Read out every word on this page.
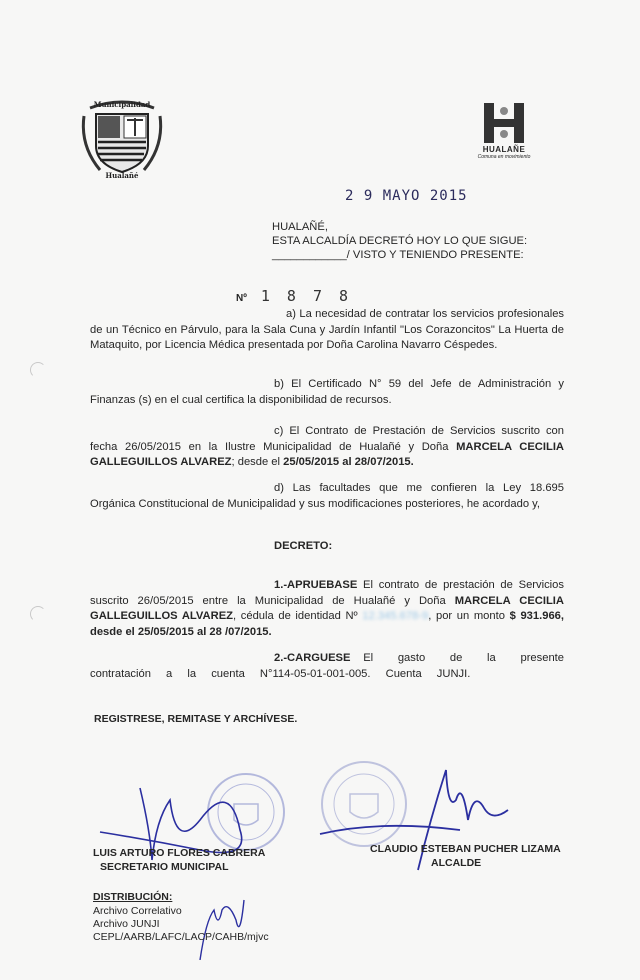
Municipalidad
Hualañé
HUALAÑE
Comuna en movimiento
2 9 MAYO 2015
HUALAÑÉ,
ESTA ALCALDÍA DECRETÓ HOY LO QUE SIGUE:
____________/ VISTO Y TENIENDO PRESENTE:
Nº 1 8 7 8
a) La necesidad de contratar los servicios profesionales de un Técnico en Párvulo, para la Sala Cuna y Jardín Infantil "Los Corazoncitos" La Huerta de Mataquito, por Licencia Médica presentada por Doña Carolina Navarro Céspedes.
b) El Certificado N° 59 del Jefe de Administración y Finanzas (s) en el cual certifica la disponibilidad de recursos.
c) El Contrato de Prestación de Servicios suscrito con fecha 26/05/2015 en la Ilustre Municipalidad de Hualañé y Doña MARCELA CECILIA GALLEGUILLOS ALVAREZ; desde el 25/05/2015 al 28/07/2015.
d) Las facultades que me confieren la Ley 18.695 Orgánica Constitucional de Municipalidad y sus modificaciones posteriores, he acordado y,
DECRETO:
1.-APRUEBASE El contrato de prestación de Servicios suscrito 26/05/2015 entre la Municipalidad de Hualañé y Doña MARCELA CECILIA GALLEGUILLOS ALVAREZ, cédula de identidad Nº 12.345.678-9, por un monto $ 931.966, desde el 25/05/2015 al 28 /07/2015.
2.-CARGUESE El gasto de la presente contratación a la cuenta N°114-05-01-001-005. Cuenta JUNJI.
REGISTRESE, REMITASE Y ARCHÍVESE.
LUIS ARTURO FLORES CABRERA
SECRETARIO MUNICIPAL
CLAUDIO ESTEBAN PUCHER LIZAMA
ALCALDE
DISTRIBUCIÓN:
Archivo Correlativo
Archivo JUNJI
CEPL/AARB/LAFC/LACP/CAHB/mjvc
